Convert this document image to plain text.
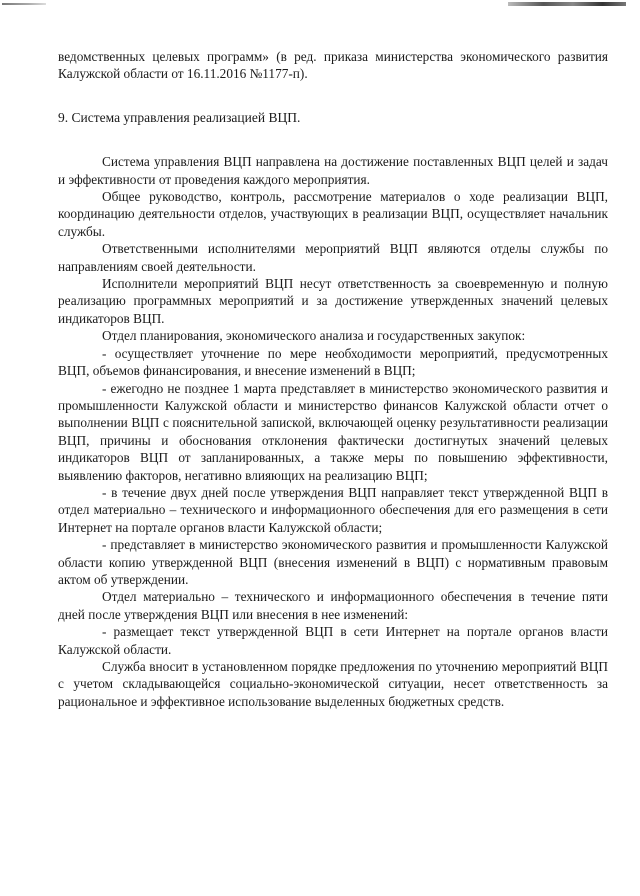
ведомственных целевых программ» (в ред. приказа министерства экономического развития Калужской области от 16.11.2016 №1177-п).

9. Система управления реализацией ВЦП.

Система управления ВЦП направлена на достижение поставленных ВЦП целей и задач и эффективности от проведения каждого мероприятия.

Общее руководство, контроль, рассмотрение материалов о ходе реализации ВЦП, координацию деятельности отделов, участвующих в реализации ВЦП, осуществляет начальник службы.

Ответственными исполнителями мероприятий ВЦП являются отделы службы по направлениям своей деятельности.

Исполнители мероприятий ВЦП несут ответственность за своевременную и полную реализацию программных мероприятий и за достижение утвержденных значений целевых индикаторов ВЦП.

Отдел планирования, экономического анализа и государственных закупок:

- осуществляет уточнение по мере необходимости мероприятий, предусмотренных ВЦП, объемов финансирования, и внесение изменений в ВЦП;

- ежегодно не позднее 1 марта представляет в министерство экономического развития и промышленности Калужской области и министерство финансов Калужской области отчет о выполнении ВЦП с пояснительной запиской, включающей оценку результативности реализации ВЦП, причины и обоснования отклонения фактически достигнутых значений целевых индикаторов ВЦП от запланированных, а также меры по повышению эффективности, выявлению факторов, негативно влияющих на реализацию ВЦП;

- в течение двух дней после утверждения ВЦП направляет текст утвержденной ВЦП в отдел материально – технического и информационного обеспечения для его размещения в сети Интернет на портале органов власти Калужской области;

- представляет в министерство экономического развития и промышленности Калужской области копию утвержденной ВЦП (внесения изменений в ВЦП) с нормативным правовым актом об утверждении.

Отдел материально – технического и информационного обеспечения в течение пяти дней после утверждения ВЦП или внесения в нее изменений:

- размещает текст утвержденной ВЦП в сети Интернет на портале органов власти Калужской области.

Служба вносит в установленном порядке предложения по уточнению мероприятий ВЦП с учетом складывающейся социально-экономической ситуации, несет ответственность за рациональное и эффективное использование выделенных бюджетных средств.
